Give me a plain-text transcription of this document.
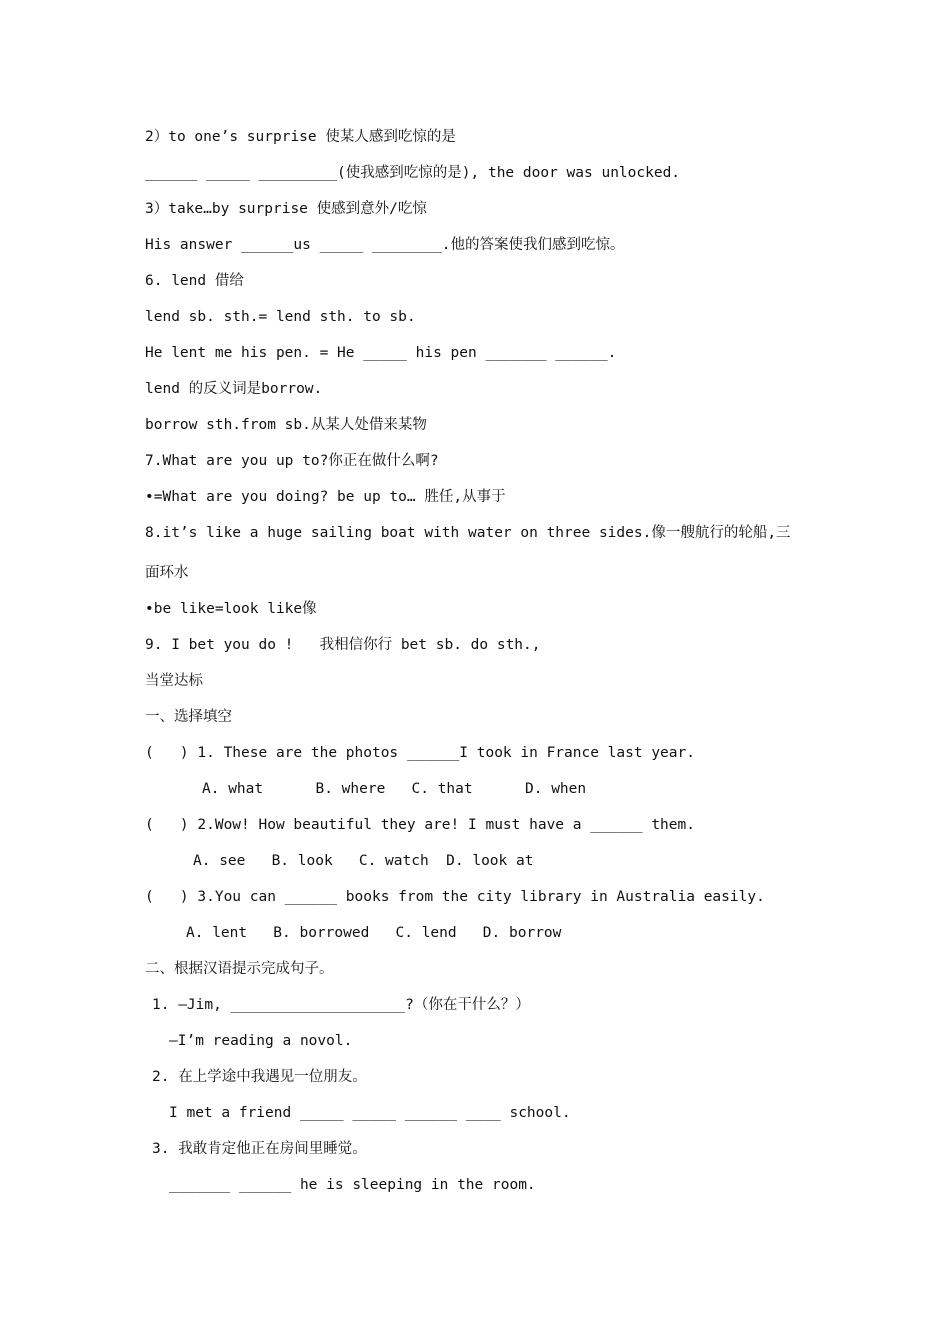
2）to one’s surprise 使某人感到吃惊的是
______ _____ _________(使我感到吃惊的是), the door was unlocked.
3）take…by surprise 使感到意外/吃惊
His answer ______us _____ ________.他的答案使我们感到吃惊。
6. lend 借给
lend sb. sth.= lend sth. to sb.
He lent me his pen. = He _____ his pen _______ ______.
lend 的反义词是borrow.
borrow sth.from sb.从某人处借来某物
7.What are you up to?你正在做什么啊?
•=What are you doing? be up to… 胜任,从事于
8.it’s like a huge sailing boat with water on three sides.像一艘航行的轮船,三
面环水
•be like=look like像
9. I bet you do !   我相信你行 bet sb. do sth.,
当堂达标
一、选择填空
(   ) 1. These are the photos ______I took in France last year.
A. what      B. where   C. that      D. when
(   ) 2.Wow! How beautiful they are! I must have a ______ them.
A. see   B. look   C. watch  D. look at
(   ) 3.You can ______ books from the city library in Australia easily.
A. lent   B. borrowed   C. lend   D. borrow
二、根据汉语提示完成句子。
1. —Jim, ____________________?（你在干什么？）
—I’m reading a novol.
2. 在上学途中我遇见一位朋友。
I met a friend _____ _____ ______ ____ school.
3. 我敢肯定他正在房间里睡觉。
_______ ______ he is sleeping in the room.
